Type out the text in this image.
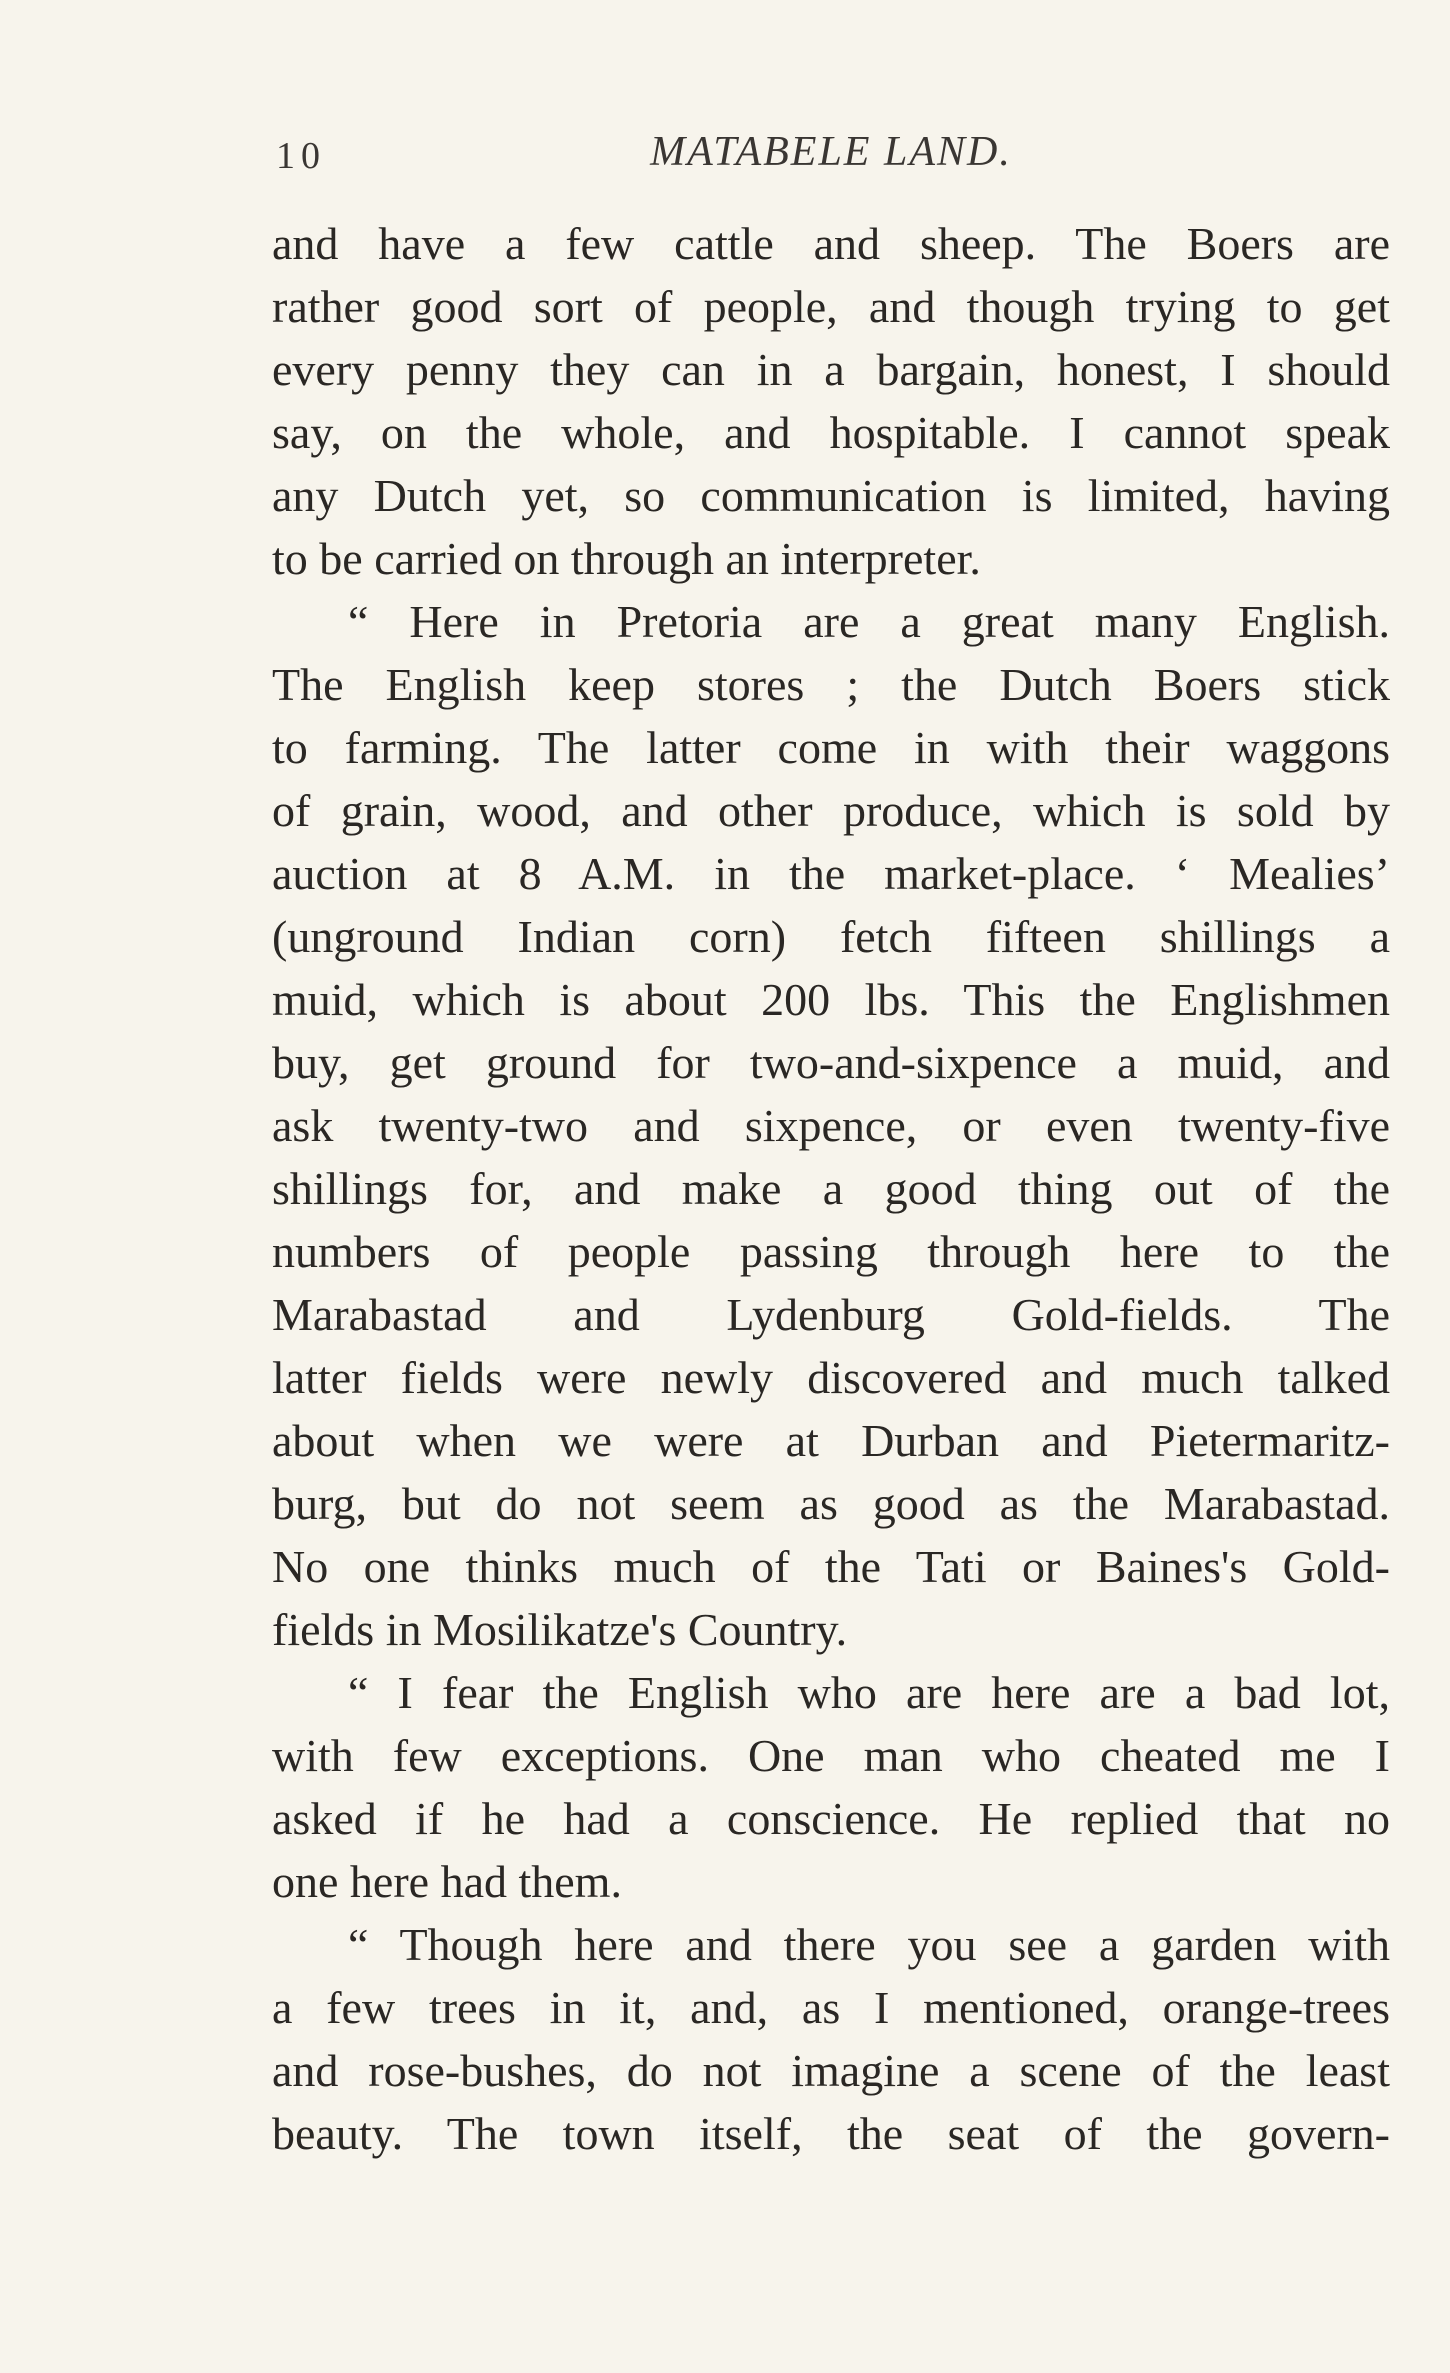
10	MATABELE LAND.
and have a few cattle and sheep. The Boers are
rather good sort of people, and though trying to get
every penny they can in a bargain, honest, I should
say, on the whole, and hospitable. I cannot speak
any Dutch yet, so communication is limited, having
to be carried on through an interpreter.
“ Here in Pretoria are a great many English.
The English keep stores ; the Dutch Boers stick
to farming. The latter come in with their waggons
of grain, wood, and other produce, which is sold by
auction at 8 A.M. in the market-place. ‘ Mealies’
(unground Indian corn) fetch fifteen shillings a
muid, which is about 200 lbs. This the Englishmen
buy, get ground for two-and-sixpence a muid, and
ask twenty-two and sixpence, or even twenty-five
shillings for, and make a good thing out of the
numbers of people passing through here to the
Marabastad and Lydenburg Gold-fields. The
latter fields were newly discovered and much talked
about when we were at Durban and Pietermaritz-
burg, but do not seem as good as the Marabastad.
No one thinks much of the Tati or Baines's Gold-
fields in Mosilikatze's Country.
“ I fear the English who are here are a bad lot,
with few exceptions. One man who cheated me I
asked if he had a conscience. He replied that no
one here had them.
“ Though here and there you see a garden with
a few trees in it, and, as I mentioned, orange-trees
and rose-bushes, do not imagine a scene of the least
beauty. The town itself, the seat of the govern-
